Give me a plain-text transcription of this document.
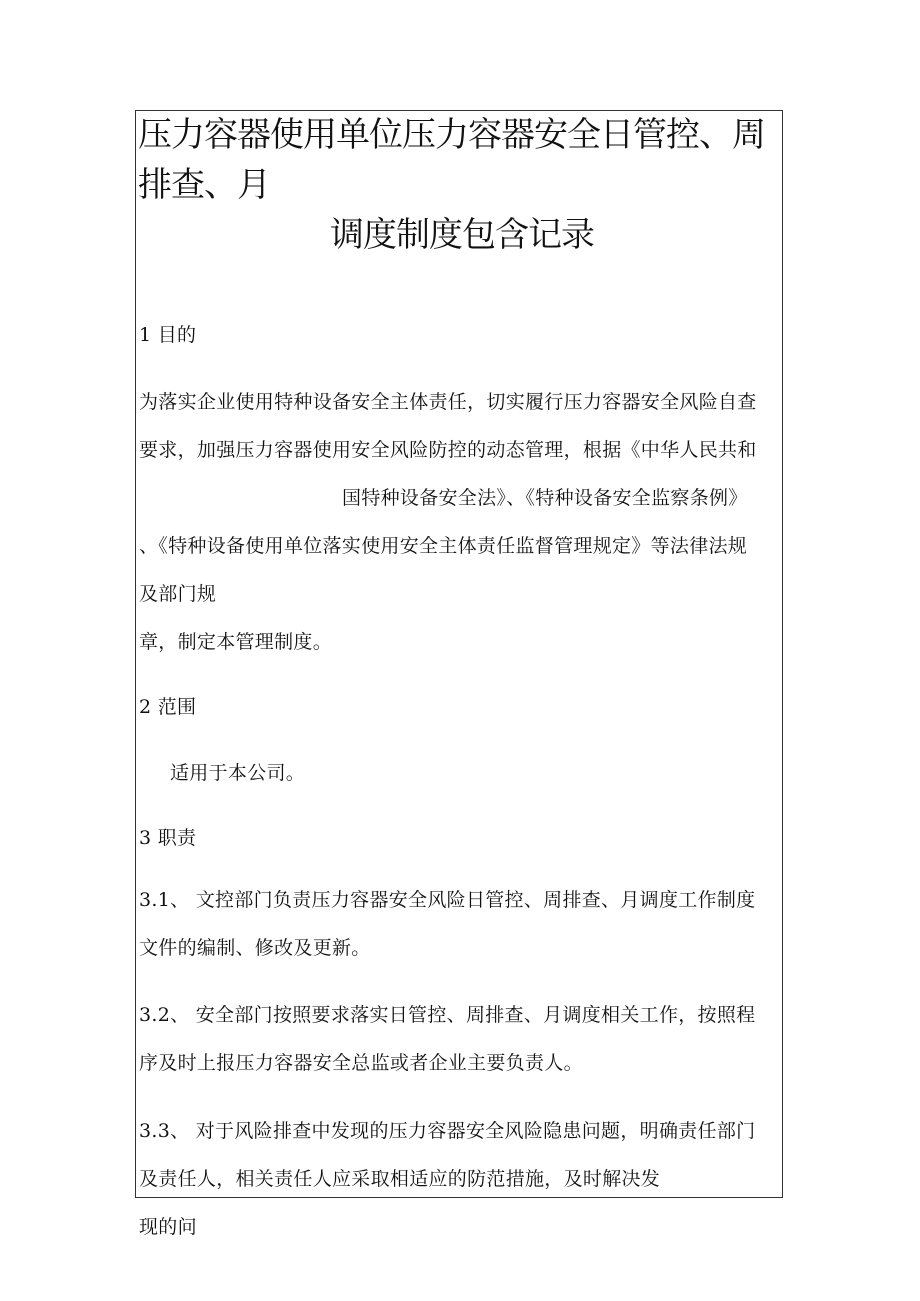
压力容器使用单位压力容器安全日管控、周
排查、月
调度制度包含记录
1 目的
为落实企业使用特种设备安全主体责任，切实履行压力容器安全风险自查
要求，加强压力容器使用安全风险防控的动态管理，根据《中华人民共和
国特种设备安全法》、《特种设备安全监察条例》
、《特种设备使用单位落实使用安全主体责任监督管理规定》等法律法规
及部门规
章，制定本管理制度。
2 范围
适用于本公司。
3 职责
3.1、 文控部门负责压力容器安全风险日管控、周排查、月调度工作制度
文件的编制、修改及更新。
3.2、 安全部门按照要求落实日管控、周排查、月调度相关工作，按照程
序及时上报压力容器安全总监或者企业主要负责人。
3.3、 对于风险排查中发现的压力容器安全风险隐患问题，明确责任部门
及责任人，相关责任人应采取相适应的防范措施，及时解决发
现的问
